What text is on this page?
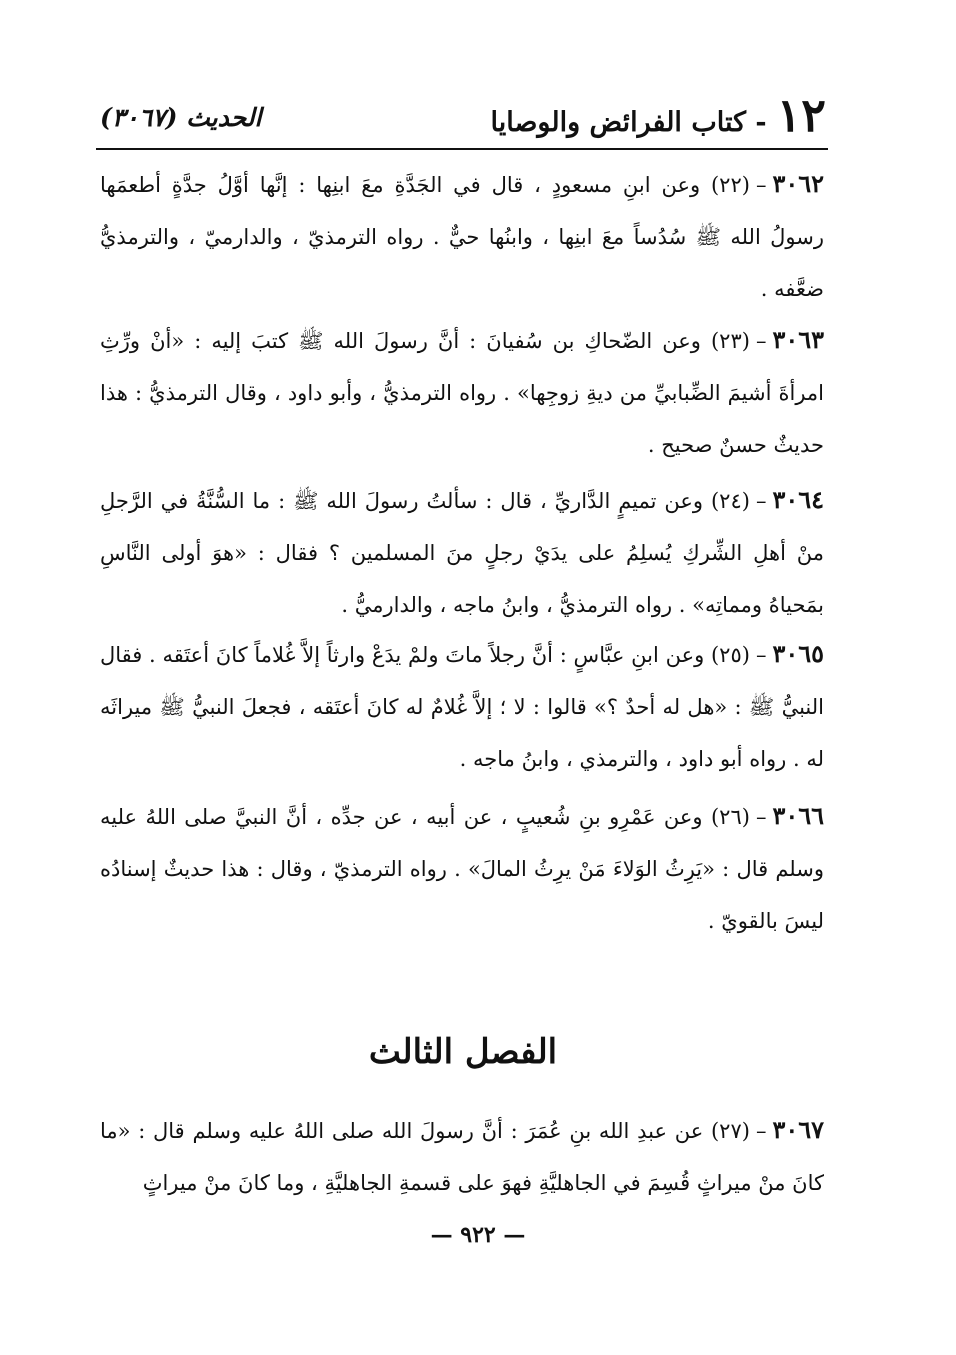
١٢
- كتاب الفرائض والوصايا
الحديث (٣٠٦٧)
٣٠٦٢–(٢٢) وعن ابنِ مسعودٍ ، قال في الجَدَّةِ معَ ابنِها : إنَّها أوَّلُ جدَّةٍ أطعمَها رسولُ الله ﷺ سُدُساً معَ ابنِها ، وابنُها حيٌّ . رواه الترمذيّ ، والدارميّ ، والترمذيُّ ضعَّفه .
٣٠٦٣–(٢٣) وعن الضّحاكِ بن سُفيانَ : أنَّ رسولَ الله ﷺ كتبَ إليه : «أنْ ورِّثِ امرأةَ أشيمَ الضِّبابيِّ من ديةِ زوجِها» . رواه الترمذيُّ ، وأبو داود ، وقال الترمذيُّ : هذا حديثٌ حسنٌ صحيح .
٣٠٦٤–(٢٤) وعن تميمٍ الدَّاريِّ ، قال : سألتُ رسولَ الله ﷺ : ما السُّنَّةُ في الرَّجلِ منْ أهلِ الشِّركِ يُسلِمُ على يدَيْ رجلٍ منَ المسلمين ؟ فقال : «هوَ أولى النَّاسِ بمَحياهُ ومماتِه» . رواه الترمذيُّ ، وابنُ ماجه ، والدارميُّ .
٣٠٦٥–(٢٥) وعن ابنِ عبَّاسٍ : أنَّ رجلاً ماتَ ولمْ يدَعْ وارثاً إلاَّ غُلاماً كانَ أعتَقه . فقال النبيُّ ﷺ : «هل له أحدٌ ؟» قالوا : لا ؛ إلاَّ غُلامٌ له كانَ أعتَقه ، فجعلَ النبيُّ ﷺ ميراثَه له . رواه أبو داود ، والترمذي ، وابنُ ماجه .
٣٠٦٦–(٢٦) وعن عَمْرِو بنِ شُعيبٍ ، عن أبيه ، عن جدِّه ، أنَّ النبيَّ صلى اللهُ عليه وسلم قال : «يَرِثُ الوَلاءَ مَنْ يرِثُ المالَ» . رواه الترمذيّ ، وقال : هذا حديثٌ إسنادُه ليسَ بالقويّ .
الفصل الثالث
٣٠٦٧–(٢٧) عن عبدِ الله بنِ عُمَرَ : أنَّ رسولَ الله صلى اللهُ عليه وسلم قال : «ما كانَ منْ ميراثٍ قُسِمَ في الجاهليَّةِ فهوَ على قسمةِ الجاهليَّةِ ، وما كانَ منْ ميراثٍ
— ٩٢٢ —
